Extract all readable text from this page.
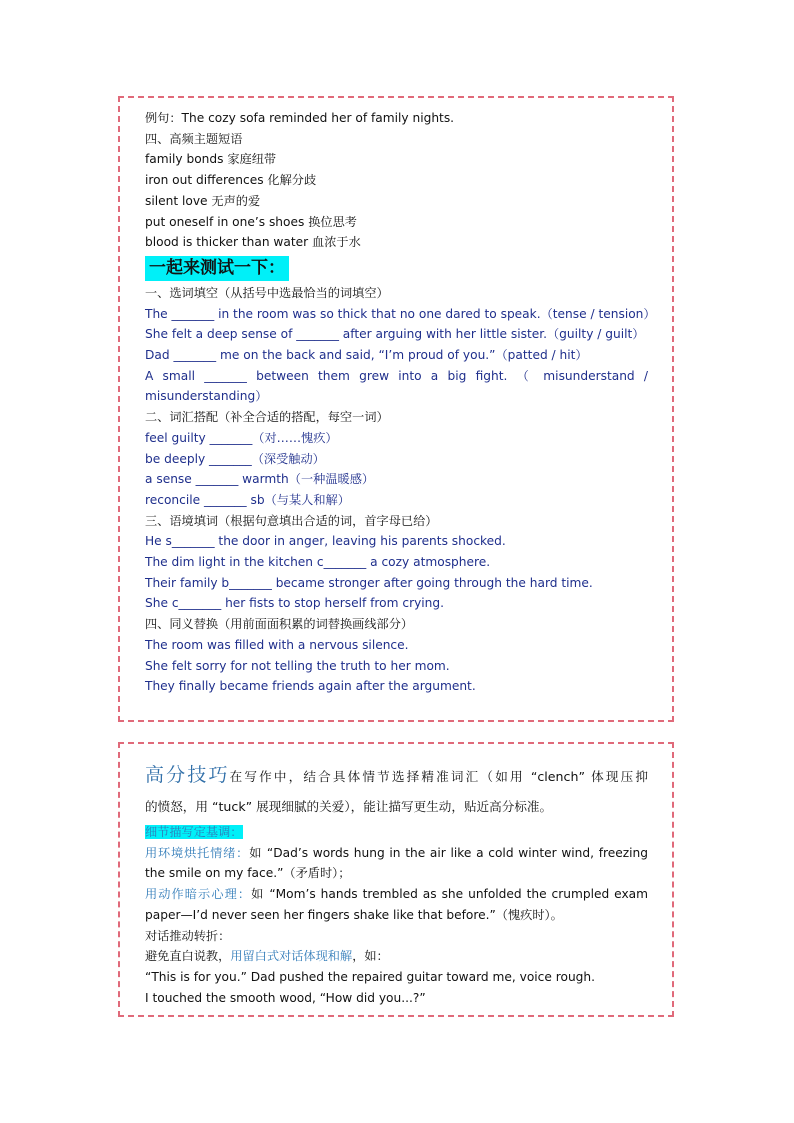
例句：The cozy sofa reminded her of family nights.
四、高频主题短语
family bonds 家庭纽带
iron out differences 化解分歧
silent love 无声的爱
put oneself in one’s shoes 换位思考
blood is thicker than water 血浓于水
一起来测试一下：
一、选词填空（从括号中选最恰当的词填空）
The _______ in the room was so thick that no one dared to speak.（tense / tension）
She felt a deep sense of _______ after arguing with her little sister.（guilty / guilt）
Dad _______ me on the back and said, “I’m proud of you.”（patted / hit）
A small _______ between them grew into a big fight. （ misunderstand /
misunderstanding）
二、词汇搭配（补全合适的搭配，每空一词）
feel guilty _______（对……愧疚）
be deeply _______（深受触动）
a sense _______ warmth（一种温暖感）
reconcile _______ sb（与某人和解）
三、语境填词（根据句意填出合适的词，首字母已给）
He s_______ the door in anger, leaving his parents shocked.
The dim light in the kitchen c_______ a cozy atmosphere.
Their family b_______ became stronger after going through the hard time.
She c_______ her fists to stop herself from crying.
四、同义替换（用前面面积累的词替换画线部分）
The room was filled with a nervous silence.
She felt sorry for not telling the truth to her mom.
They finally became friends again after the argument.
高分技巧在写作中，结合具体情节选择精准词汇（如用 “clench” 体现压抑
的愤怒，用 “tuck” 展现细腻的关爱），能让描写更生动，贴近高分标准。
细节描写定基调：
用环境烘托情绪：如 “Dad’s words hung in the air like a cold winter wind, freezing
the smile on my face.”（矛盾时）；
用动作暗示心理：如 “Mom’s hands trembled as she unfolded the crumpled exam
paper—I’d never seen her fingers shake like that before.”（愧疚时）。
对话推动转折：
避免直白说教，用留白式对话体现和解，如：
“This is for you.” Dad pushed the repaired guitar toward me, voice rough.
I touched the smooth wood, “How did you...?”
